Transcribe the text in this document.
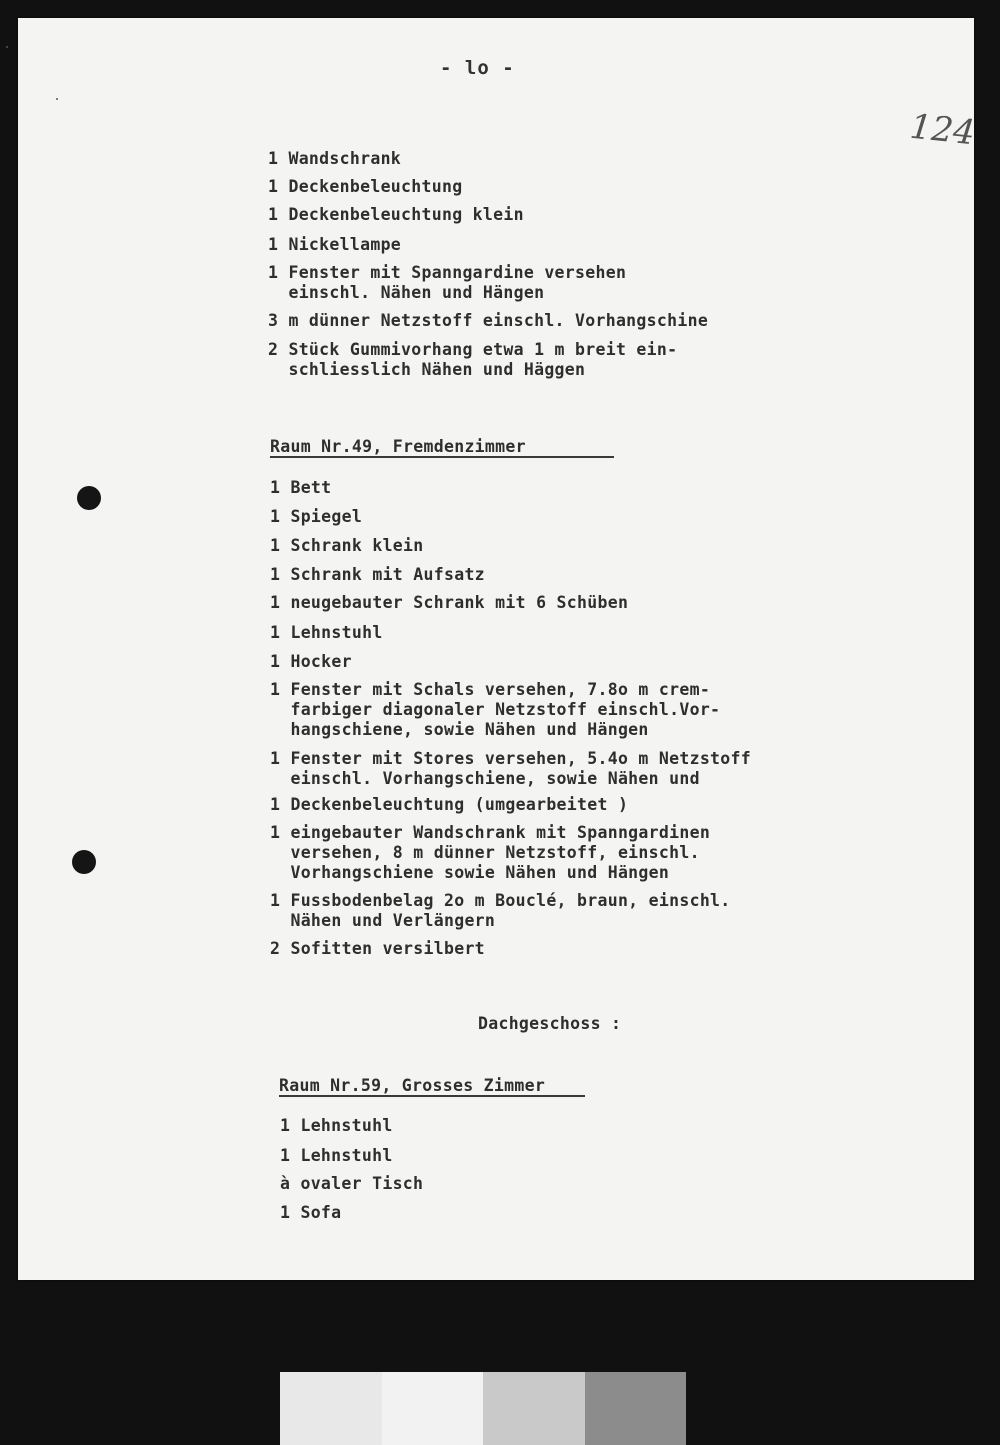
- lo -
124
1 Wandschrank
1 Deckenbeleuchtung
1 Deckenbeleuchtung klein
1 Nickellampe
1 Fenster mit Spanngardine versehen
einschl. Nähen und Hängen
3 m dünner Netzstoff einschl. Vorhangschine
2 Stück Gummivorhang etwa 1 m breit ein-
schliesslich Nähen und Häggen
Raum Nr.49, Fremdenzimmer
1 Bett
1 Spiegel
1 Schrank klein
1 Schrank mit Aufsatz
1 neugebauter Schrank mit 6 Schüben
1 Lehnstuhl
1 Hocker
1 Fenster mit Schals versehen, 7.8o m crem-
farbiger diagonaler Netzstoff einschl.Vor-
hangschiene, sowie Nähen und Hängen
1 Fenster mit Stores versehen, 5.4o m Netzstoff
einschl. Vorhangschiene, sowie Nähen und
1 Deckenbeleuchtung (umgearbeitet )
1 eingebauter Wandschrank mit Spanngardinen
versehen, 8 m dünner Netzstoff, einschl.
Vorhangschiene sowie Nähen und Hängen
1 Fussbodenbelag 2o m Bouclé, braun, einschl.
Nähen und Verlängern
2 Sofitten versilbert
Dachgeschoss :
Raum Nr.59, Grosses Zimmer
1 Lehnstuhl
1 Lehnstuhl
à ovaler Tisch
1 Sofa
